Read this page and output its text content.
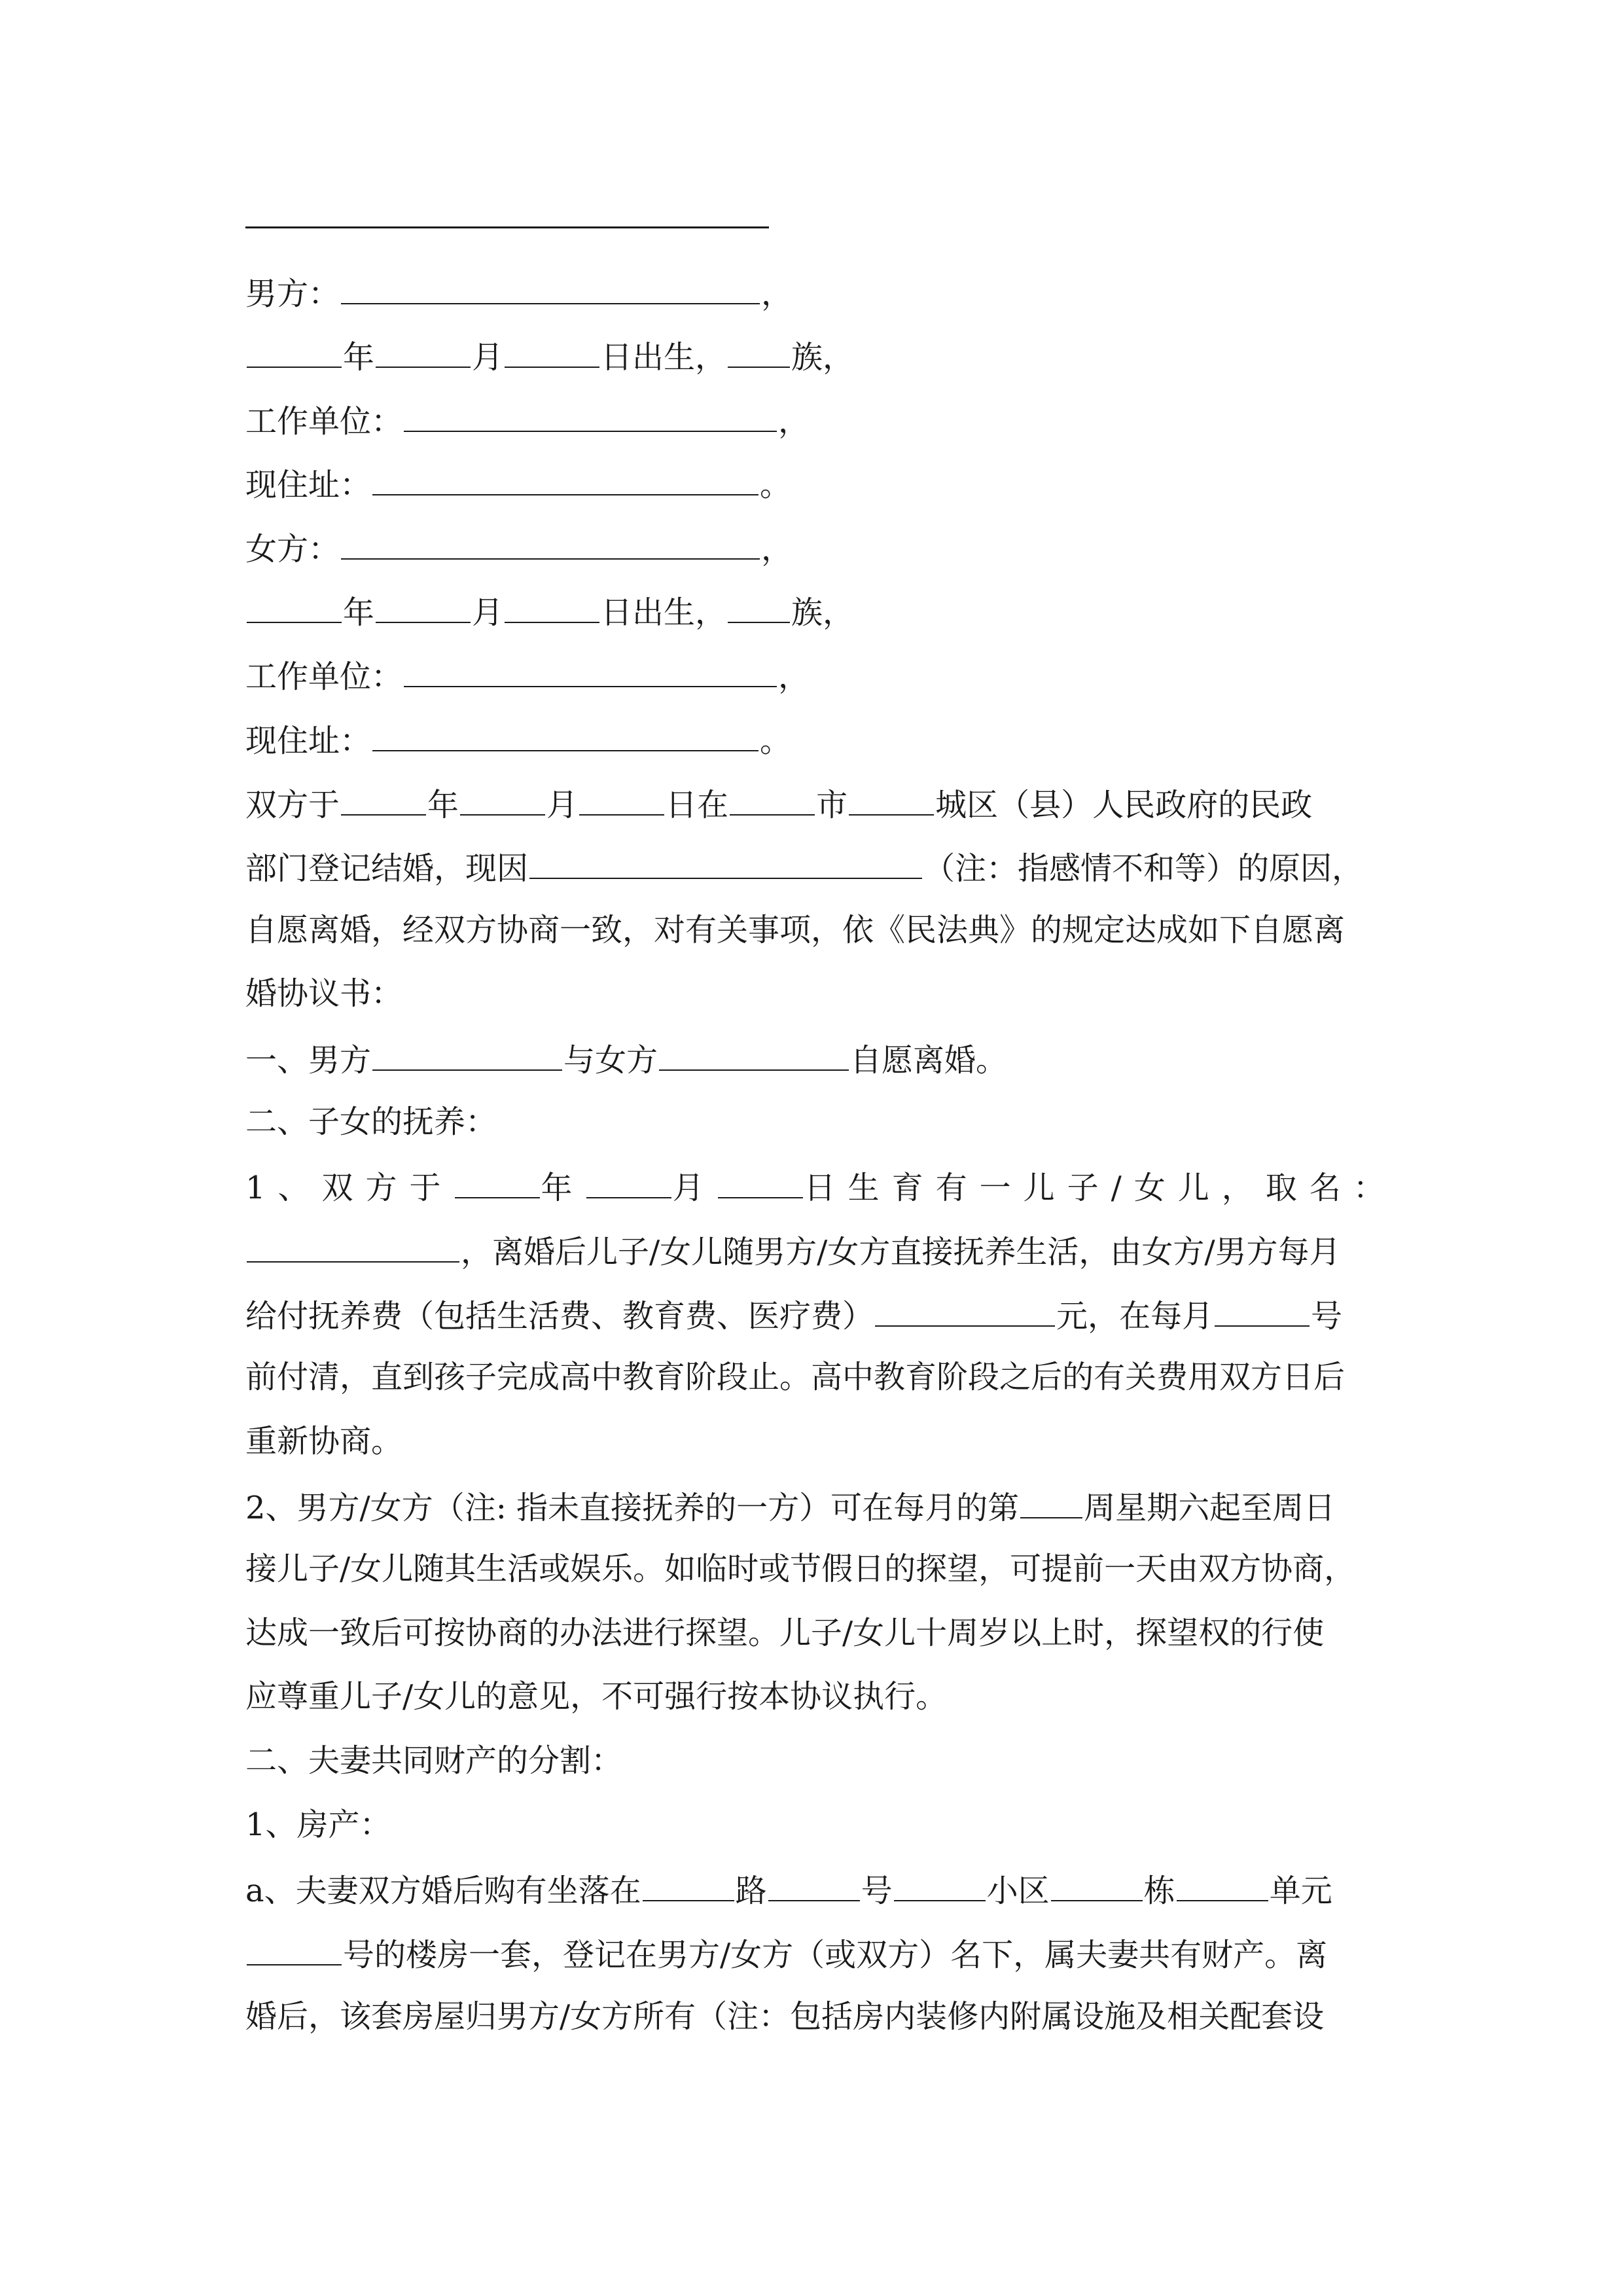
男方：	，
年	月	日出生， 族，
工作单位：	，
现住址：	。
女方：	，
年	月	日出生， 族，
工作单位：	，
现住址：	。
双方于	年	月	日在	市	城区（县）人民政府的民政
部门登记结婚，现因	（注：指感情不和等）的原因，
自愿离婚，经双方协商一致，对有关事项，依《民法典》的规定达成如下自愿离
婚协议书：
一、男方	与女方	自愿离婚。
二、子女的抚养：
1、双方于	年	月	日生育有一儿子/女儿，取名：
，离婚后儿子/女儿随男方/女方直接抚养生活，由女方/男方每月
给付抚养费（包括生活费、教育费、医疗费）	元，在每月	号
前付清，直到孩子完成高中教育阶段止。高中教育阶段之后的有关费用双方日后
重新协商。
2、男方/女方（注: 指未直接抚养的一方）可在每月的第 周星期六起至周日
接儿子/女儿随其生活或娱乐。如临时或节假日的探望，可提前一天由双方协商，
达成一致后可按协商的办法进行探望。儿子/女儿十周岁以上时，探望权的行使
应尊重儿子/女儿的意见，不可强行按本协议执行。
二、夫妻共同财产的分割：
1、房产：
a、夫妻双方婚后购有坐落在	路	号	小区	栋	单元
号的楼房一套，登记在男方/女方（或双方）名下，属夫妻共有财产。离
婚后，该套房屋归男方/女方所有（注：包括房内装修内附属设施及相关配套设
